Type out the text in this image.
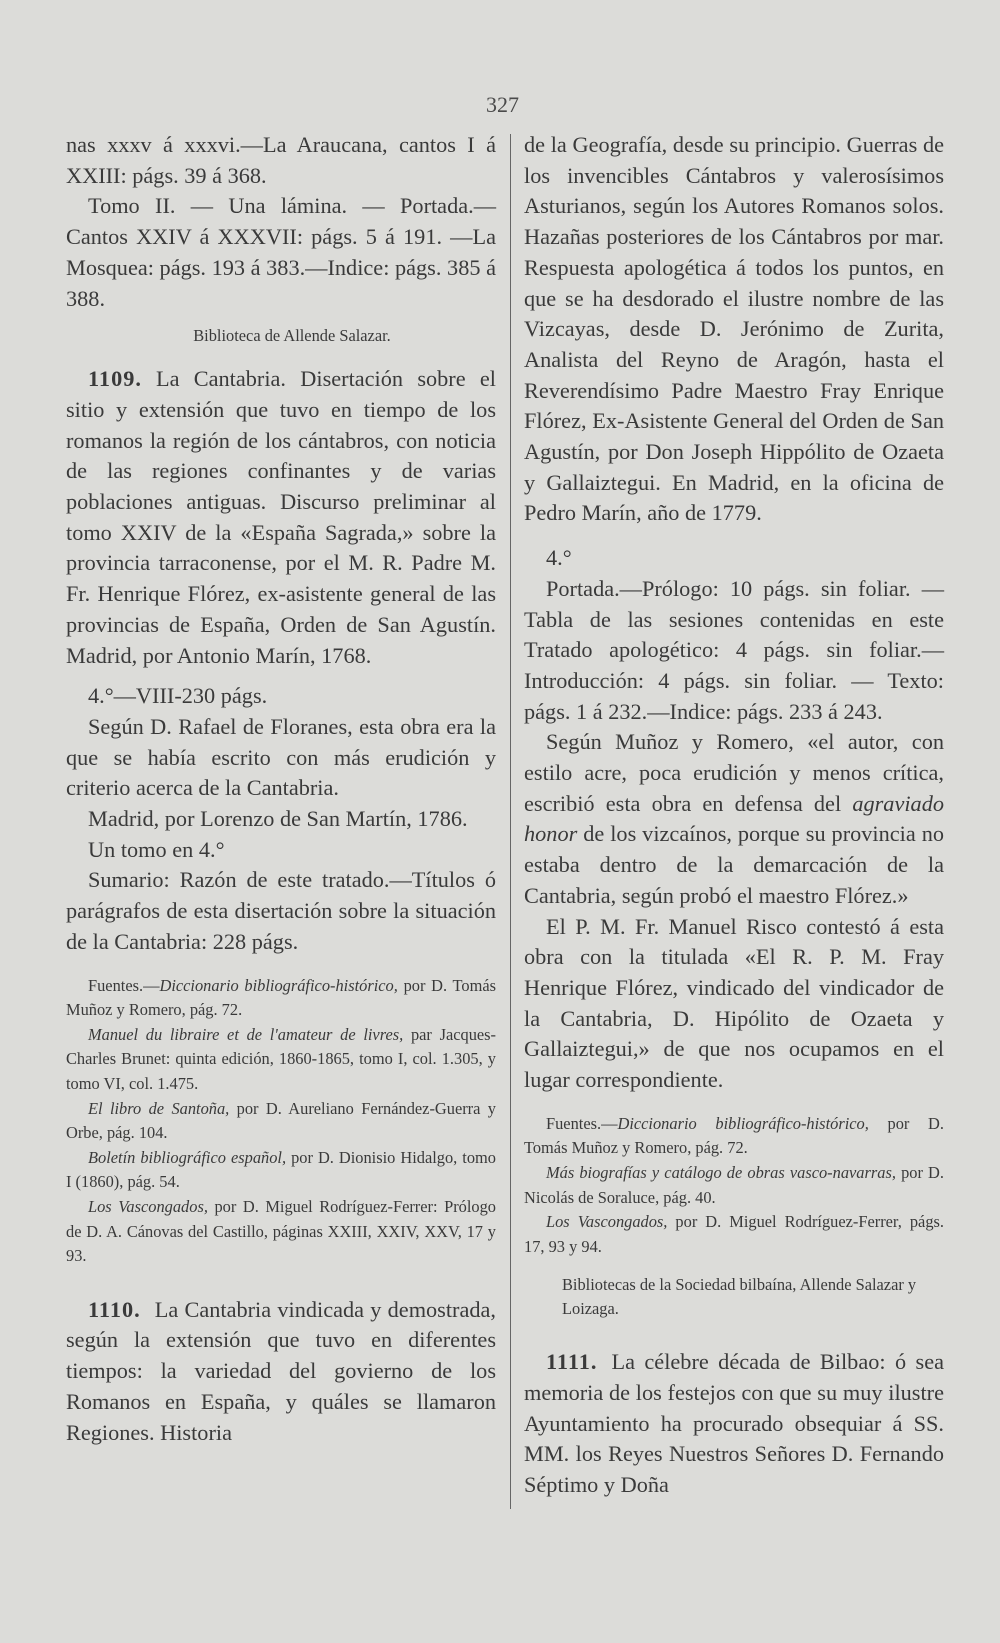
327

nas xxxv á xxxvi.—La Araucana, cantos I á XXIII: págs. 39 á 368.

Tomo II. — Una lámina. — Portada.— Cantos XXIV á XXXVII: págs. 5 á 191. —La Mosquea: págs. 193 á 383.—Indice: págs. 385 á 388.

Biblioteca de Allende Salazar.

1109. La Cantabria. Disertación sobre el sitio y extensión que tuvo en tiempo de los romanos la región de los cántabros, con noticia de las regiones confinantes y de varias poblaciones antiguas. Discurso preliminar al tomo XXIV de la «España Sagrada,» sobre la provincia tarraconense, por el M. R. Padre M. Fr. Henrique Flórez, ex-asistente general de las provincias de España, Orden de San Agustín. Madrid, por Antonio Marín, 1768.

4.°—VIII-230 págs.

Según D. Rafael de Floranes, esta obra era la que se había escrito con más erudición y criterio acerca de la Cantabria.

Madrid, por Lorenzo de San Martín, 1786.

Un tomo en 4.°

Sumario: Razón de este tratado.—Títulos ó parágrafos de esta disertación sobre la situación de la Cantabria: 228 págs.

Fuentes.—Diccionario bibliográfico-histórico, por D. Tomás Muñoz y Romero, pág. 72.

Manuel du libraire et de l'amateur de livres, par Jacques-Charles Brunet: quinta edición, 1860-1865, tomo I, col. 1.305, y tomo VI, col. 1.475.

El libro de Santoña, por D. Aureliano Fernández-Guerra y Orbe, pág. 104.

Boletín bibliográfico español, por D. Dionisio Hidalgo, tomo I (1860), pág. 54.

Los Vascongados, por D. Miguel Rodríguez-Ferrer: Prólogo de D. A. Cánovas del Castillo, páginas XXIII, XXIV, XXV, 17 y 93.

1110. La Cantabria vindicada y demostrada, según la extensión que tuvo en diferentes tiempos: la variedad del govierno de los Romanos en España, y quáles se llamaron Regiones. Historia

de la Geografía, desde su principio. Guerras de los invencibles Cántabros y valerosísimos Asturianos, según los Autores Romanos solos. Hazañas posteriores de los Cántabros por mar. Respuesta apologética á todos los puntos, en que se ha desdorado el ilustre nombre de las Vizcayas, desde D. Jerónimo de Zurita, Analista del Reyno de Aragón, hasta el Reverendísimo Padre Maestro Fray Enrique Flórez, Ex-Asistente General del Orden de San Agustín, por Don Joseph Hippólito de Ozaeta y Gallaiztegui. En Madrid, en la oficina de Pedro Marín, año de 1779.

4.°

Portada.—Prólogo: 10 págs. sin foliar. —Tabla de las sesiones contenidas en este Tratado apologético: 4 págs. sin foliar.— Introducción: 4 págs. sin foliar. — Texto: págs. 1 á 232.—Indice: págs. 233 á 243.

Según Muñoz y Romero, «el autor, con estilo acre, poca erudición y menos crítica, escribió esta obra en defensa del agraviado honor de los vizcaínos, porque su provincia no estaba dentro de la demarcación de la Cantabria, según probó el maestro Flórez.»

El P. M. Fr. Manuel Risco contestó á esta obra con la titulada «El R. P. M. Fray Henrique Flórez, vindicado del vindicador de la Cantabria, D. Hipólito de Ozaeta y Gallaiztegui,» de que nos ocupamos en el lugar correspondiente.

Fuentes.—Diccionario bibliográfico-histórico, por D. Tomás Muñoz y Romero, pág. 72.

Más biografías y catálogo de obras vasco-navarras, por D. Nicolás de Soraluce, pág. 40.

Los Vascongados, por D. Miguel Rodríguez-Ferrer, págs. 17, 93 y 94.

Bibliotecas de la Sociedad bilbaína, Allende Salazar y Loizaga.

1111. La célebre década de Bilbao: ó sea memoria de los festejos con que su muy ilustre Ayuntamiento ha procurado obsequiar á SS. MM. los Reyes Nuestros Señores D. Fernando Séptimo y Doña
